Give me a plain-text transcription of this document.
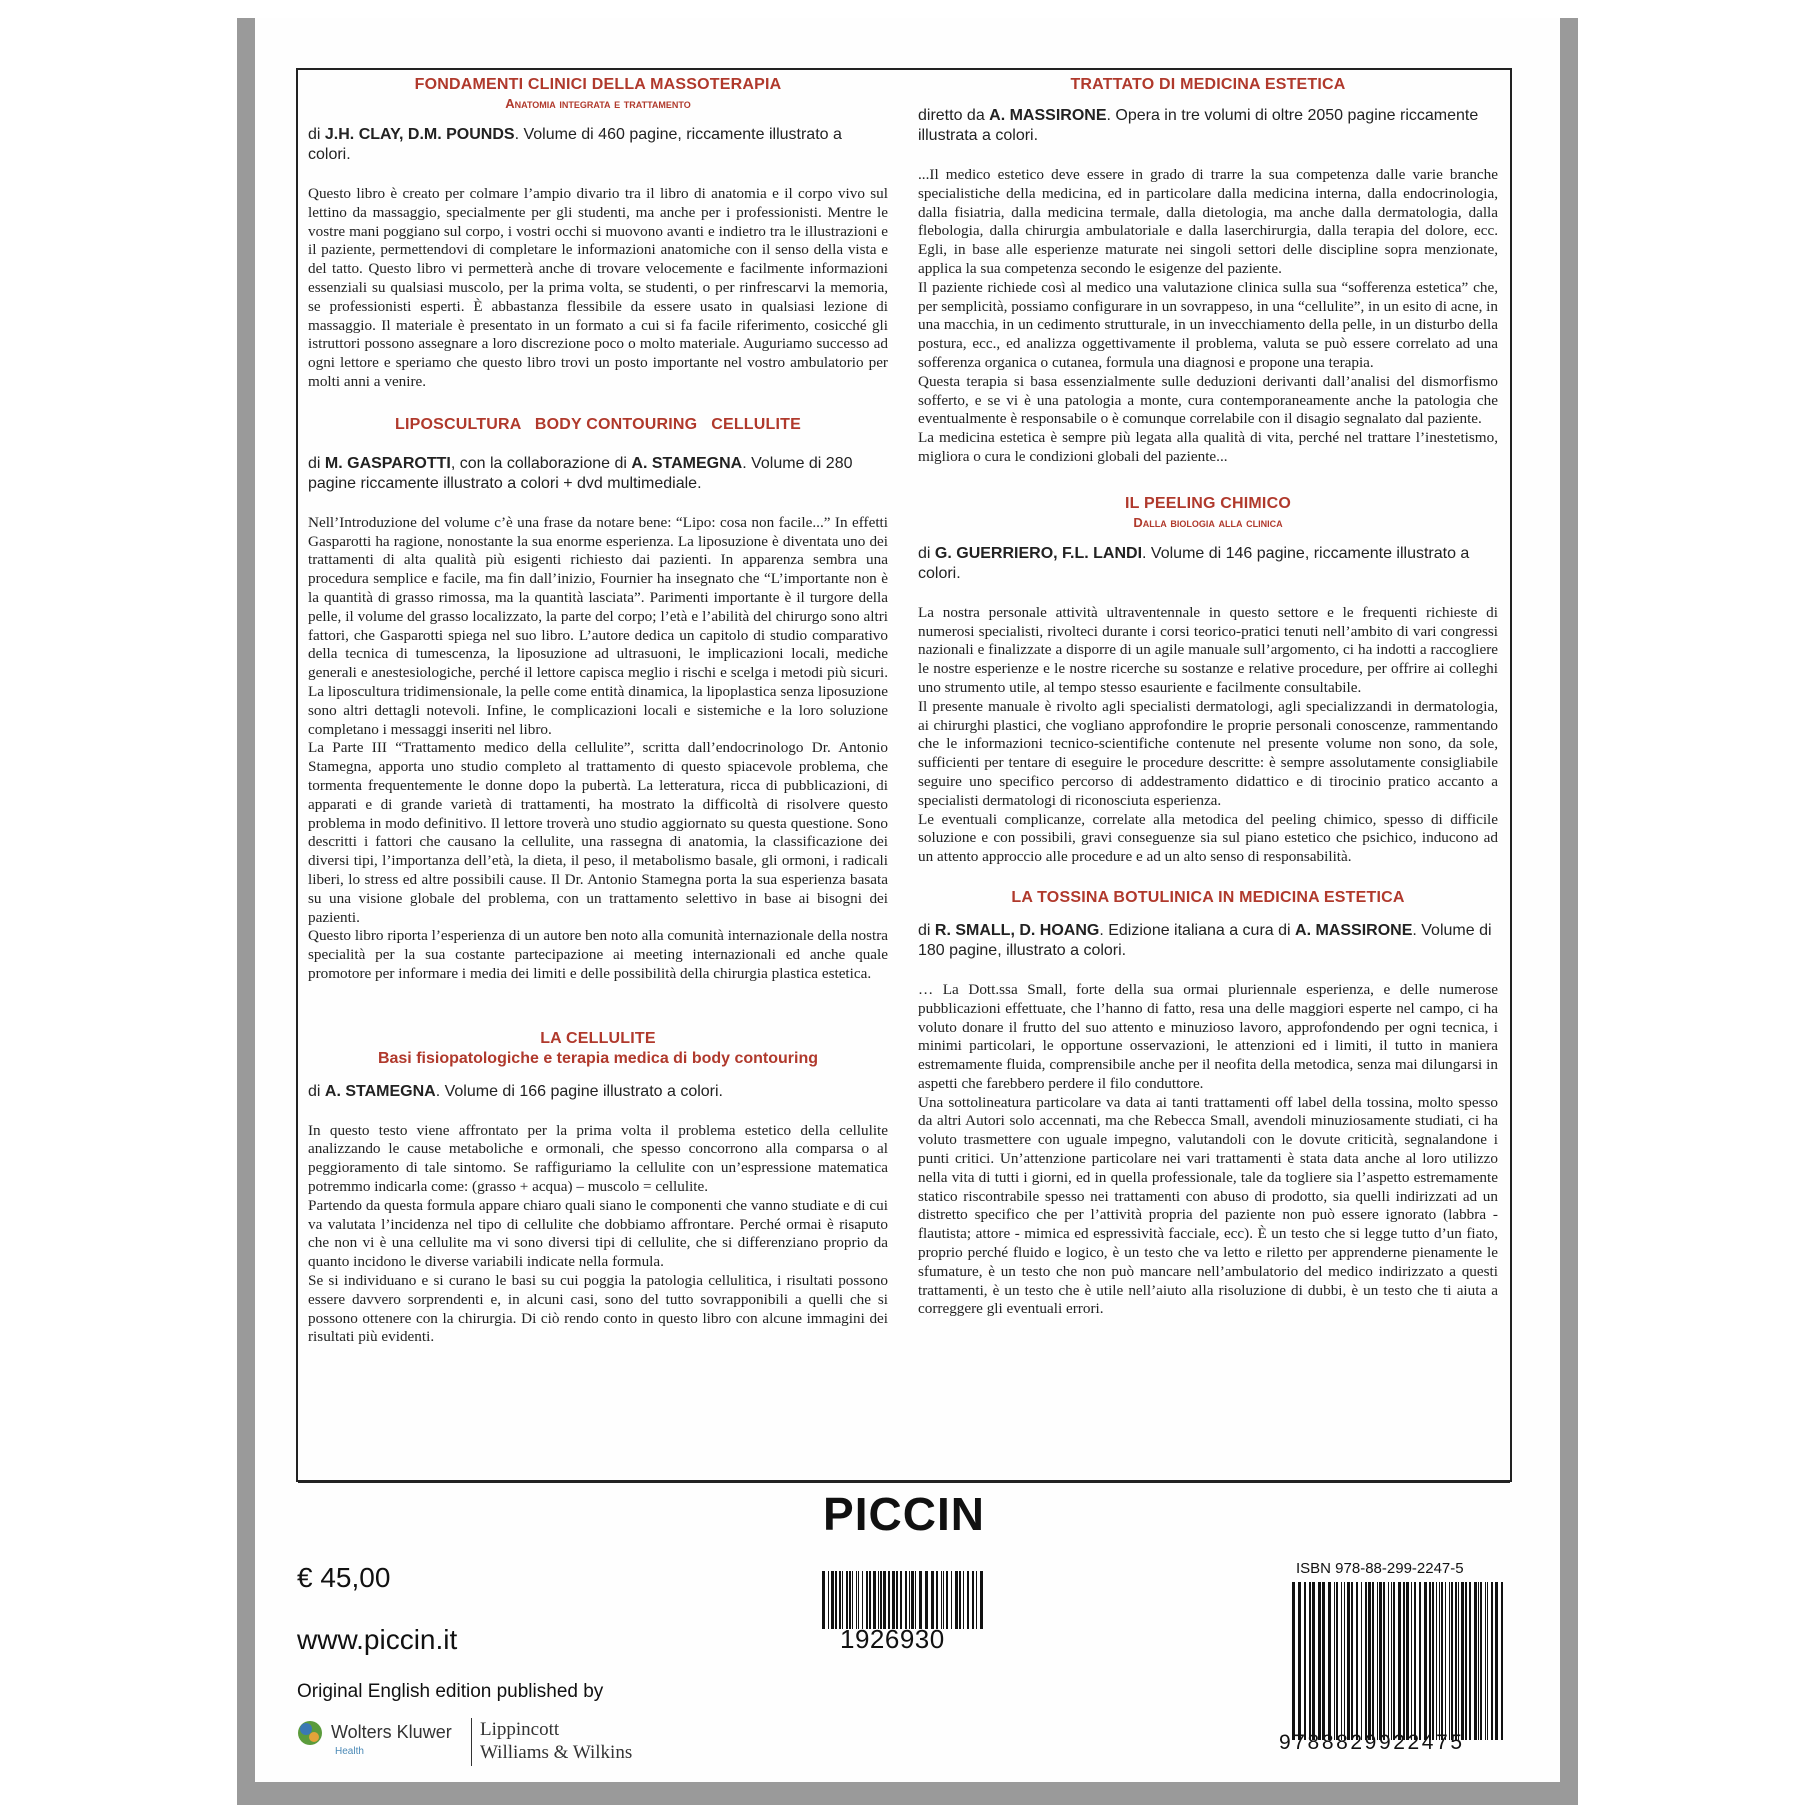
FONDAMENTI CLINICI DELLA MASSOTERAPIA
Anatomia integrata e trattamento
di J.H. CLAY, D.M. POUNDS. Volume di 460 pagine, riccamente illustrato a colori.

Questo libro è creato per colmare l’ampio divario tra il libro di anatomia e il corpo vivo sul lettino da massaggio, specialmente per gli studenti, ma anche per i professionisti. Mentre le vostre mani poggiano sul corpo, i vostri occhi si muovono avanti e indietro tra le illustrazioni e il paziente, permettendovi di completare le informazioni anatomiche con il senso della vista e del tatto. Questo libro vi permetterà anche di trovare velocemente e facilmente informazioni essenziali su qualsiasi muscolo, per la prima volta, se studenti, o per rinfrescarvi la memoria, se professionisti esperti. È abbastanza flessibile da essere usato in qualsiasi lezione di massaggio. Il materiale è presentato in un formato a cui si fa facile riferimento, cosicché gli istruttori possono assegnare a loro discrezione poco o molto materiale. Auguriamo successo ad ogni lettore e speriamo che questo libro trovi un posto importante nel vostro ambulatorio per molti anni a venire.

LIPOSCULTURA   BODY CONTOURING   CELLULITE
di M. GASPAROTTI, con la collaborazione di A. STAMEGNA. Volume di 280 pagine riccamente illustrato a colori + dvd multimediale.

Nell’Introduzione del volume c’è una frase da notare bene: “Lipo: cosa non facile...” In effetti Gasparotti ha ragione, nonostante la sua enorme esperienza. La liposuzione è diventata uno dei trattamenti di alta qualità più esigenti richiesto dai pazienti. In apparenza sembra una procedura semplice e facile, ma fin dall’inizio, Fournier ha insegnato che “L’importante non è la quantità di grasso rimossa, ma la quantità lasciata”. Parimenti importante è il turgore della pelle, il volume del grasso localizzato, la parte del corpo; l’età e l’abilità del chirurgo sono altri fattori, che Gasparotti spiega nel suo libro. L’autore dedica un capitolo di studio comparativo della tecnica di tumescenza, la liposuzione ad ultrasuoni, le implicazioni locali, mediche generali e anestesiologiche, perché il lettore capisca meglio i rischi e scelga i metodi più sicuri. La liposcultura tridimensionale, la pelle come entità dinamica, la lipoplastica senza liposuzione sono altri dettagli notevoli. Infine, le complicazioni locali e sistemiche e la loro soluzione completano i messaggi inseriti nel libro.

La Parte III “Trattamento medico della cellulite”, scritta dall’endocrinologo Dr. Antonio Stamegna, apporta uno studio completo al trattamento di questo spiacevole problema, che tormenta frequentemente le donne dopo la pubertà. La letteratura, ricca di pubblicazioni, di apparati e di grande varietà di trattamenti, ha mostrato la difficoltà di risolvere questo problema in modo definitivo. Il lettore troverà uno studio aggiornato su questa questione. Sono descritti i fattori che causano la cellulite, una rassegna di anatomia, la classificazione dei diversi tipi, l’importanza dell’età, la dieta, il peso, il metabolismo basale, gli ormoni, i radicali liberi, lo stress ed altre possibili cause. Il Dr. Antonio Stamegna porta la sua esperienza basata su una visione globale del problema, con un trattamento selettivo in base ai bisogni dei pazienti.

Questo libro riporta l’esperienza di un autore ben noto alla comunità internazionale della nostra specialità per la sua costante partecipazione ai meeting internazionali ed anche quale promotore per informare i media dei limiti e delle possibilità della chirurgia plastica estetica.

LA CELLULITE
Basi fisiopatologiche e terapia medica di body contouring
di A. STAMEGNA. Volume di 166 pagine illustrato a colori.

In questo testo viene affrontato per la prima volta il problema estetico della cellulite analizzando le cause metaboliche e ormonali, che spesso concorrono alla comparsa o al peggioramento di tale sintomo. Se raffiguriamo la cellulite con un’espressione matematica potremmo indicarla come: (grasso + acqua) – muscolo = cellulite.

Partendo da questa formula appare chiaro quali siano le componenti che vanno studiate e di cui va valutata l’incidenza nel tipo di cellulite che dobbiamo affrontare. Perché ormai è risaputo che non vi è una cellulite ma vi sono diversi tipi di cellulite, che si differenziano proprio da quanto incidono le diverse variabili indicate nella formula.

Se si individuano e si curano le basi su cui poggia la patologia cellulitica, i risultati possono essere davvero sorprendenti e, in alcuni casi, sono del tutto sovrapponibili a quelli che si possono ottenere con la chirurgia. Di ciò rendo conto in questo libro con alcune immagini dei risultati più evidenti.

TRATTATO DI MEDICINA ESTETICA
diretto da A. MASSIRONE. Opera in tre volumi di oltre 2050 pagine riccamente illustrata a colori.

...Il medico estetico deve essere in grado di trarre la sua competenza dalle varie branche specialistiche della medicina, ed in particolare dalla medicina interna, dalla endocrinologia, dalla fisiatria, dalla medicina termale, dalla dietologia, ma anche dalla dermatologia, dalla flebologia, dalla chirurgia ambulatoriale e dalla laserchirurgia, dalla terapia del dolore, ecc. Egli, in base alle esperienze maturate nei singoli settori delle discipline sopra menzionate, applica la sua competenza secondo le esigenze del paziente.

Il paziente richiede così al medico una valutazione clinica sulla sua “sofferenza estetica” che, per semplicità, possiamo configurare in un sovrappeso, in una “cellulite”, in un esito di acne, in una macchia, in un cedimento strutturale, in un invecchiamento della pelle, in un disturbo della postura, ecc., ed analizza oggettivamente il problema, valuta se può essere correlato ad una sofferenza organica o cutanea, formula una diagnosi e propone una terapia.

Questa terapia si basa essenzialmente sulle deduzioni derivanti dall’analisi del dismorfismo sofferto, e se vi è una patologia a monte, cura contemporaneamente anche la patologia che eventualmente è responsabile o è comunque correlabile con il disagio segnalato dal paziente.

La medicina estetica è sempre più legata alla qualità di vita, perché nel trattare l’inestetismo, migliora o cura le condizioni globali del paziente...

IL PEELING CHIMICO
Dalla biologia alla clinica
di G. GUERRIERO, F.L. LANDI. Volume di 146 pagine, riccamente illustrato a colori.

La nostra personale attività ultraventennale in questo settore e le frequenti richieste di numerosi specialisti, rivolteci durante i corsi teorico-pratici tenuti nell’ambito di vari congressi nazionali e finalizzate a disporre di un agile manuale sull’argomento, ci ha indotti a raccogliere le nostre esperienze e le nostre ricerche su sostanze e relative procedure, per offrire ai colleghi uno strumento utile, al tempo stesso esauriente e facilmente consultabile.

Il presente manuale è rivolto agli specialisti dermatologi, agli specializzandi in dermatologia, ai chirurghi plastici, che vogliano approfondire le proprie personali conoscenze, rammentando che le informazioni tecnico-scientifiche contenute nel presente volume non sono, da sole, sufficienti per tentare di eseguire le procedure descritte: è sempre assolutamente consigliabile seguire uno specifico percorso di addestramento didattico e di tirocinio pratico accanto a specialisti dermatologi di riconosciuta esperienza.

Le eventuali complicanze, correlate alla metodica del peeling chimico, spesso di difficile soluzione e con possibili, gravi conseguenze sia sul piano estetico che psichico, inducono ad un attento approccio alle procedure e ad un alto senso di responsabilità.

LA TOSSINA BOTULINICA IN MEDICINA ESTETICA
di R. SMALL, D. HOANG. Edizione italiana a cura di A. MASSIRONE. Volume di 180 pagine, illustrato a colori.

… La Dott.ssa Small, forte della sua ormai pluriennale esperienza, e delle numerose pubblicazioni effettuate, che l’hanno di fatto, resa una delle maggiori esperte nel campo, ci ha voluto donare il frutto del suo attento e minuzioso lavoro, approfondendo per ogni tecnica, i minimi particolari, le opportune osservazioni, le attenzioni ed i limiti, il tutto in maniera estremamente fluida, comprensibile anche per il neofita della metodica, senza mai dilungarsi in aspetti che farebbero perdere il filo conduttore.

Una sottolineatura particolare va data ai tanti trattamenti off label della tossina, molto spesso da altri Autori solo accennati, ma che Rebecca Small, avendoli minuziosamente studiati, ci ha voluto trasmettere con uguale impegno, valutandoli con le dovute criticità, segnalandone i punti critici. Un’attenzione particolare nei vari trattamenti è stata data anche al loro utilizzo nella vita di tutti i giorni, ed in quella professionale, tale da togliere sia l’aspetto estremamente statico riscontrabile spesso nei trattamenti con abuso di prodotto, sia quelli indirizzati ad un distretto specifico che per l’attività propria del paziente non può essere ignorato (labbra - flautista; attore - mimica ed espressività facciale, ecc). È un testo che si legge tutto d’un fiato, proprio perché fluido e logico, è un testo che va letto e riletto per apprenderne pienamente le sfumature, è un testo che non può mancare nell’ambulatorio del medico indirizzato a questi trattamenti, è un testo che è utile nell’aiuto alla risoluzione di dubbi, è un testo che ti aiuta a correggere gli eventuali errori.

PICCIN
€ 45,00
www.piccin.it
Original English edition published by
Wolters Kluwer
Health
Lippincott
Williams & Wilkins
1926930
ISBN 978-88-299-2247-5
9788829922475
